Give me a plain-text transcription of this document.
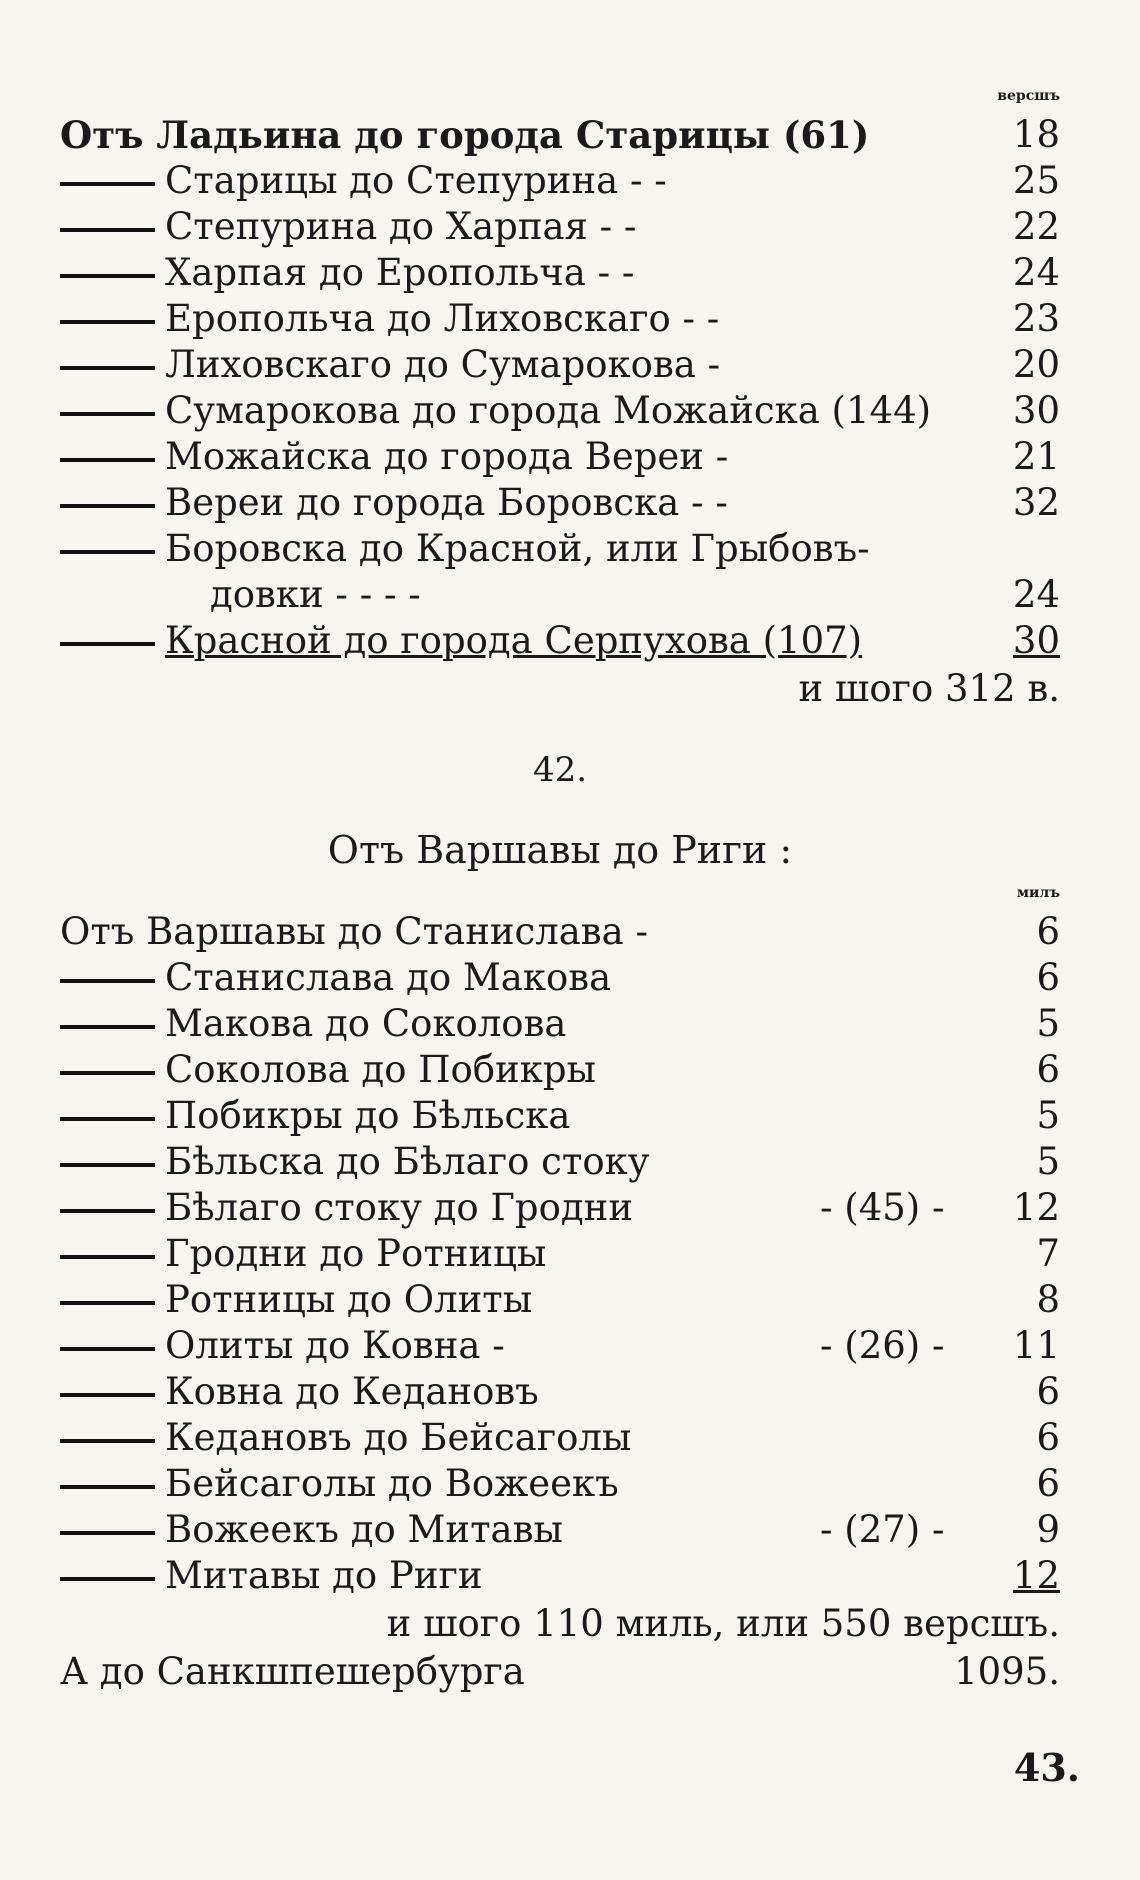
версшъ
Отъ Ладьина до города Старицы (61)	18
Старицы до Степурина - -	25
Степурина до Харпая - -	22
Харпая до Еропольча - -	24
Еропольча до Лиховскаго - -	23
Лиховскаго до Сумарокова -	20
Сумарокова до города Можайска (144)	30
Можайска до города Вереи -	21
Вереи до города Боровска - -	32
Боровска до Красной, или Грыбовъ-
довки - - - -	24
Красной до города Серпухова (107)	30
и шого 312 в.
42.
Отъ Варшавы до Риги :
милъ
Отъ Варшавы до Станислава -	6
Станислава до Макова	6
Макова до Соколова	5
Соколова до Побикры	6
Побикры до Бѣльска	5
Бѣльска до Бѣлаго стоку	5
Бѣлаго стоку до Гродни	- (45) -	12
Гродни до Ротницы	7
Ротницы до Олиты	8
Олиты до Ковна -	- (26) -	11
Ковна до Кедановъ	6
Кедановъ до Бейсаголы	6
Бейсаголы до Вожеекъ	6
Вожеекъ до Митавы	- (27) -	9
Митавы до Риги	12
и шого 110 миль, или 550 версшъ.
А до Санкшпешербурга	1095.
43.
